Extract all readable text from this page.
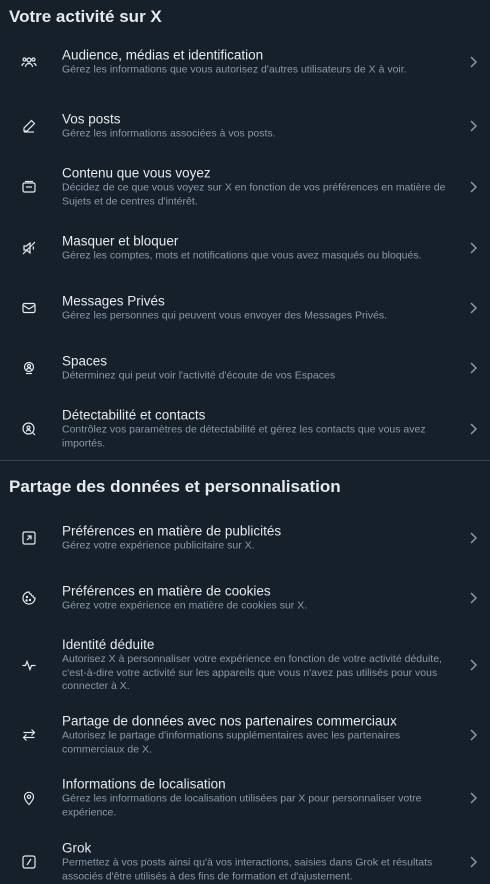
Votre activité sur X
Audience, médias et identification
Gérez les informations que vous autorisez d'autres utilisateurs de X à voir.
Vos posts
Gérez les informations associées à vos posts.
Contenu que vous voyez
Décidez de ce que vous voyez sur X en fonction de vos préférences en matière de Sujets et de centres d'intérêt.
Masquer et bloquer
Gérez les comptes, mots et notifications que vous avez masqués ou bloqués.
Messages Privés
Gérez les personnes qui peuvent vous envoyer des Messages Privés.
Spaces
Déterminez qui peut voir l'activité d'écoute de vos Espaces
Détectabilité et contacts
Contrôlez vos paramètres de détectabilité et gérez les contacts que vous avez importés.
Partage des données et personnalisation
Préférences en matière de publicités
Gérez votre expérience publicitaire sur X.
Préférences en matière de cookies
Gérez votre expérience en matière de cookies sur X.
Identité déduite
Autorisez X à personnaliser votre expérience en fonction de votre activité déduite, c'est-à-dire votre activité sur les appareils que vous n'avez pas utilisés pour vous connecter à X.
Partage de données avec nos partenaires commerciaux
Autorisez le partage d'informations supplémentaires avec les partenaires commerciaux de X.
Informations de localisation
Gérez les informations de localisation utilisées par X pour personnaliser votre expérience.
Grok
Permettez à vos posts ainsi qu'à vos interactions, saisies dans Grok et résultats associés d'être utilisés à des fins de formation et d'ajustement.
